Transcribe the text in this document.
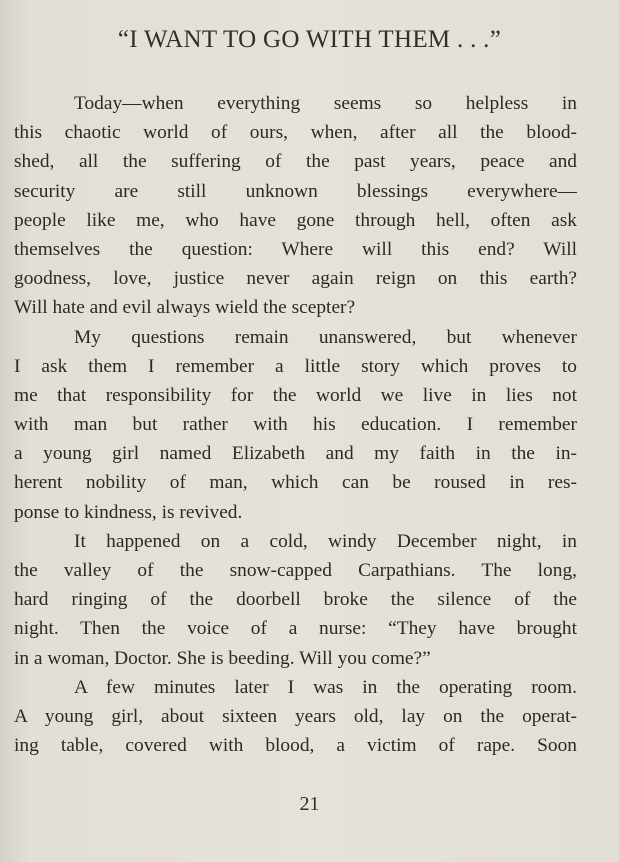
“I WANT TO GO WITH THEM . . .”
Today—when everything seems so helpless in
this chaotic world of ours, when, after all the blood-
shed, all the suffering of the past years, peace and
security are still unknown blessings everywhere—
people like me, who have gone through hell, often ask
themselves the question: Where will this end? Will
goodness, love, justice never again reign on this earth?
Will hate and evil always wield the scepter?
My questions remain unanswered, but whenever
I ask them I remember a little story which proves to
me that responsibility for the world we live in lies not
with man but rather with his education. I remember
a young girl named Elizabeth and my faith in the in-
herent nobility of man, which can be roused in res-
ponse to kindness, is revived.
It happened on a cold, windy December night, in
the valley of the snow-capped Carpathians. The long,
hard ringing of the doorbell broke the silence of the
night. Then the voice of a nurse: “They have brought
in a woman, Doctor. She is beeding. Will you come?”
A few minutes later I was in the operating room.
A young girl, about sixteen years old, lay on the operat-
ing table, covered with blood, a victim of rape. Soon
21
